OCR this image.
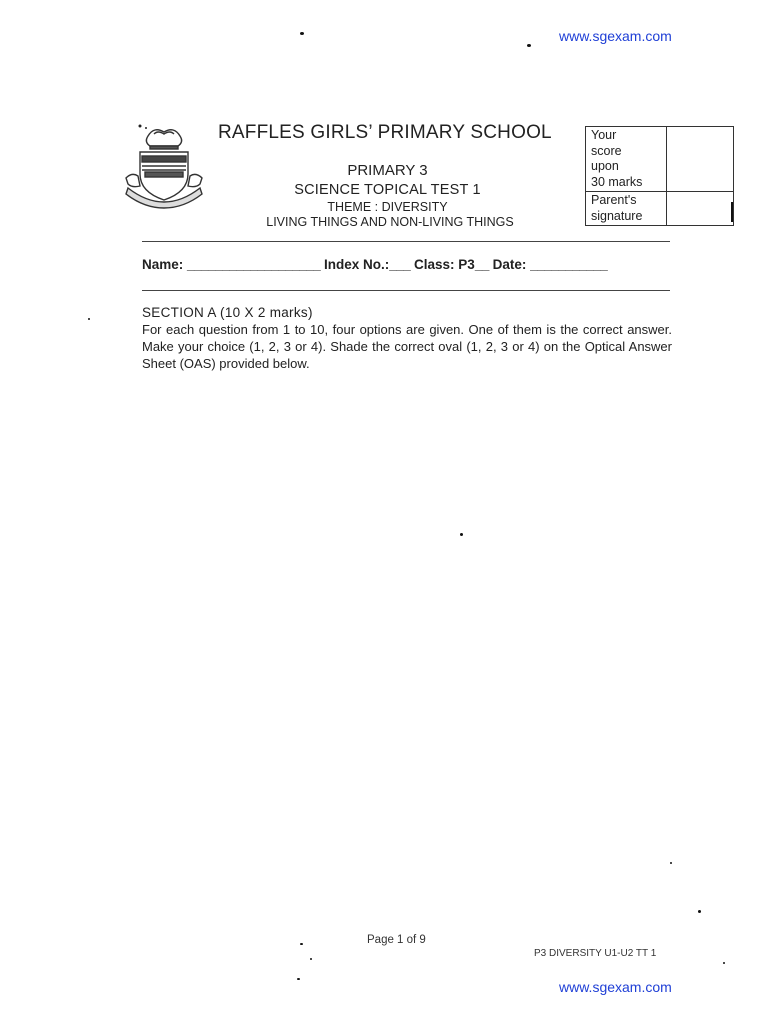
www.sgexam.com
RAFFLES GIRLS’ PRIMARY SCHOOL
PRIMARY 3
SCIENCE TOPICAL TEST 1
THEME : DIVERSITY
LIVING THINGS AND NON-LIVING THINGS
Your
score
upon
30 marks	

Parent's
signature	

Name: ___________________ Index No.:___ Class: P3__ Date: ___________
SECTION A (10 X 2 marks)

For each question from 1 to 10, four options are given. One of them is the correct answer. Make your choice (1, 2, 3 or 4). Shade the correct oval (1, 2, 3 or 4) on the Optical Answer Sheet (OAS) provided below.

Page 1 of 9
P3 DIVERSITY U1-U2 TT 1
www.sgexam.com
